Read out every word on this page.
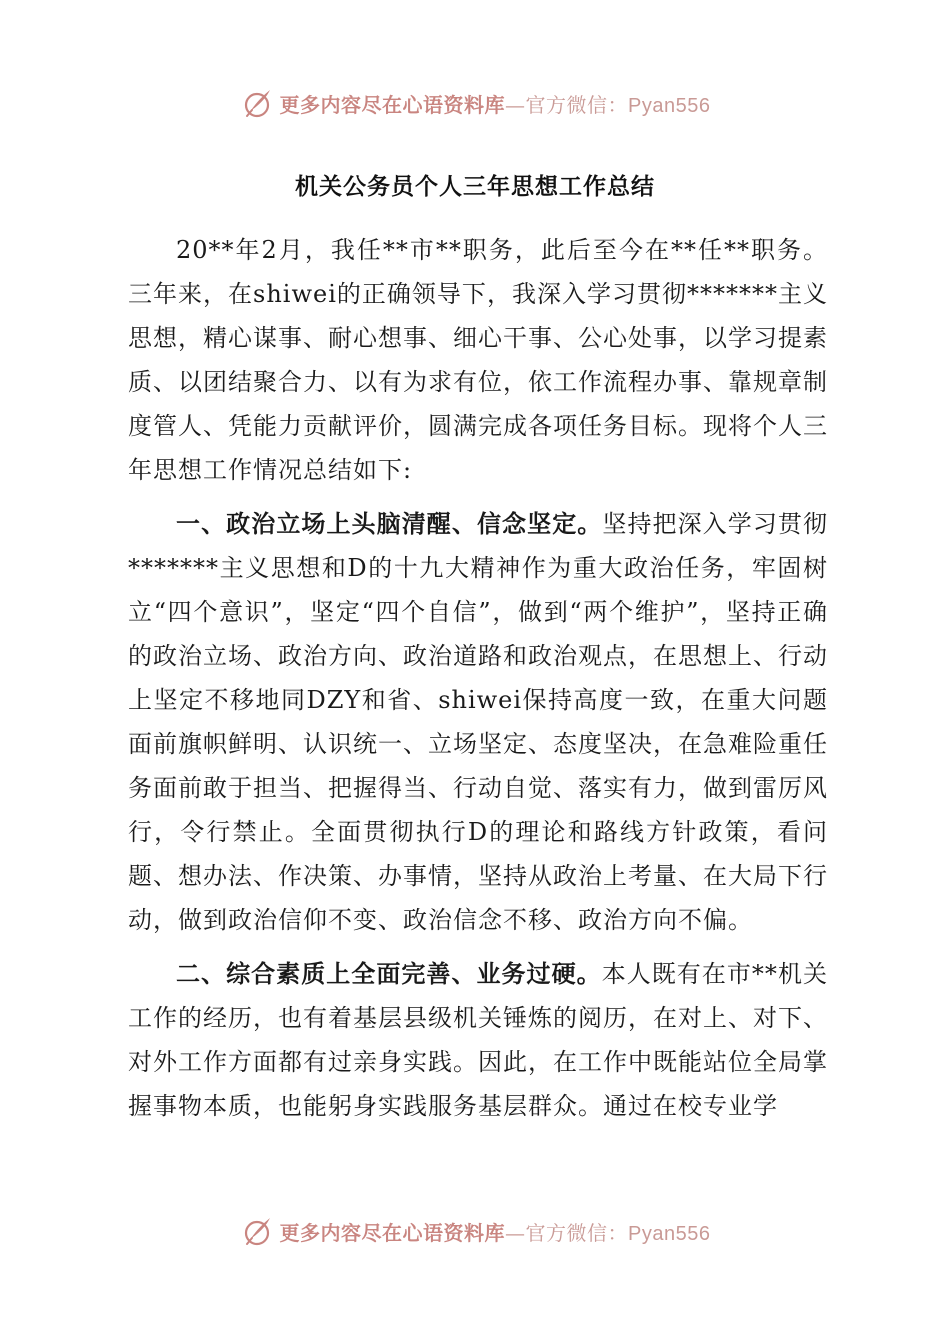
更多内容尽在心语资料库—官方微信：Pyan556
机关公务员个人三年思想工作总结

20**年2月，我任**市**职务，此后至今在**任**职务。三年来，在shiwei的正确领导下，我深入学习贯彻*******主义思想，精心谋事、耐心想事、细心干事、公心处事，以学习提素质、以团结聚合力、以有为求有位，依工作流程办事、靠规章制度管人、凭能力贡献评价，圆满完成各项任务目标。现将个人三年思想工作情况总结如下:

一、政治立场上头脑清醒、信念坚定。坚持把深入学习贯彻*******主义思想和D的十九大精神作为重大政治任务，牢固树立“四个意识”，坚定“四个自信”，做到“两个维护”，坚持正确的政治立场、政治方向、政治道路和政治观点，在思想上、行动上坚定不移地同DZY和省、shiwei保持高度一致，在重大问题面前旗帜鲜明、认识统一、立场坚定、态度坚决，在急难险重任务面前敢于担当、把握得当、行动自觉、落实有力，做到雷厉风行，令行禁止。全面贯彻执行D的理论和路线方针政策，看问题、想办法、作决策、办事情，坚持从政治上考量、在大局下行动，做到政治信仰不变、政治信念不移、政治方向不偏。

二、综合素质上全面完善、业务过硬。本人既有在市**机关工作的经历，也有着基层县级机关锤炼的阅历，在对上、对下、对外工作方面都有过亲身实践。因此，在工作中既能站位全局掌握事物本质，也能躬身实践服务基层群众。通过在校专业学

更多内容尽在心语资料库—官方微信：Pyan556
